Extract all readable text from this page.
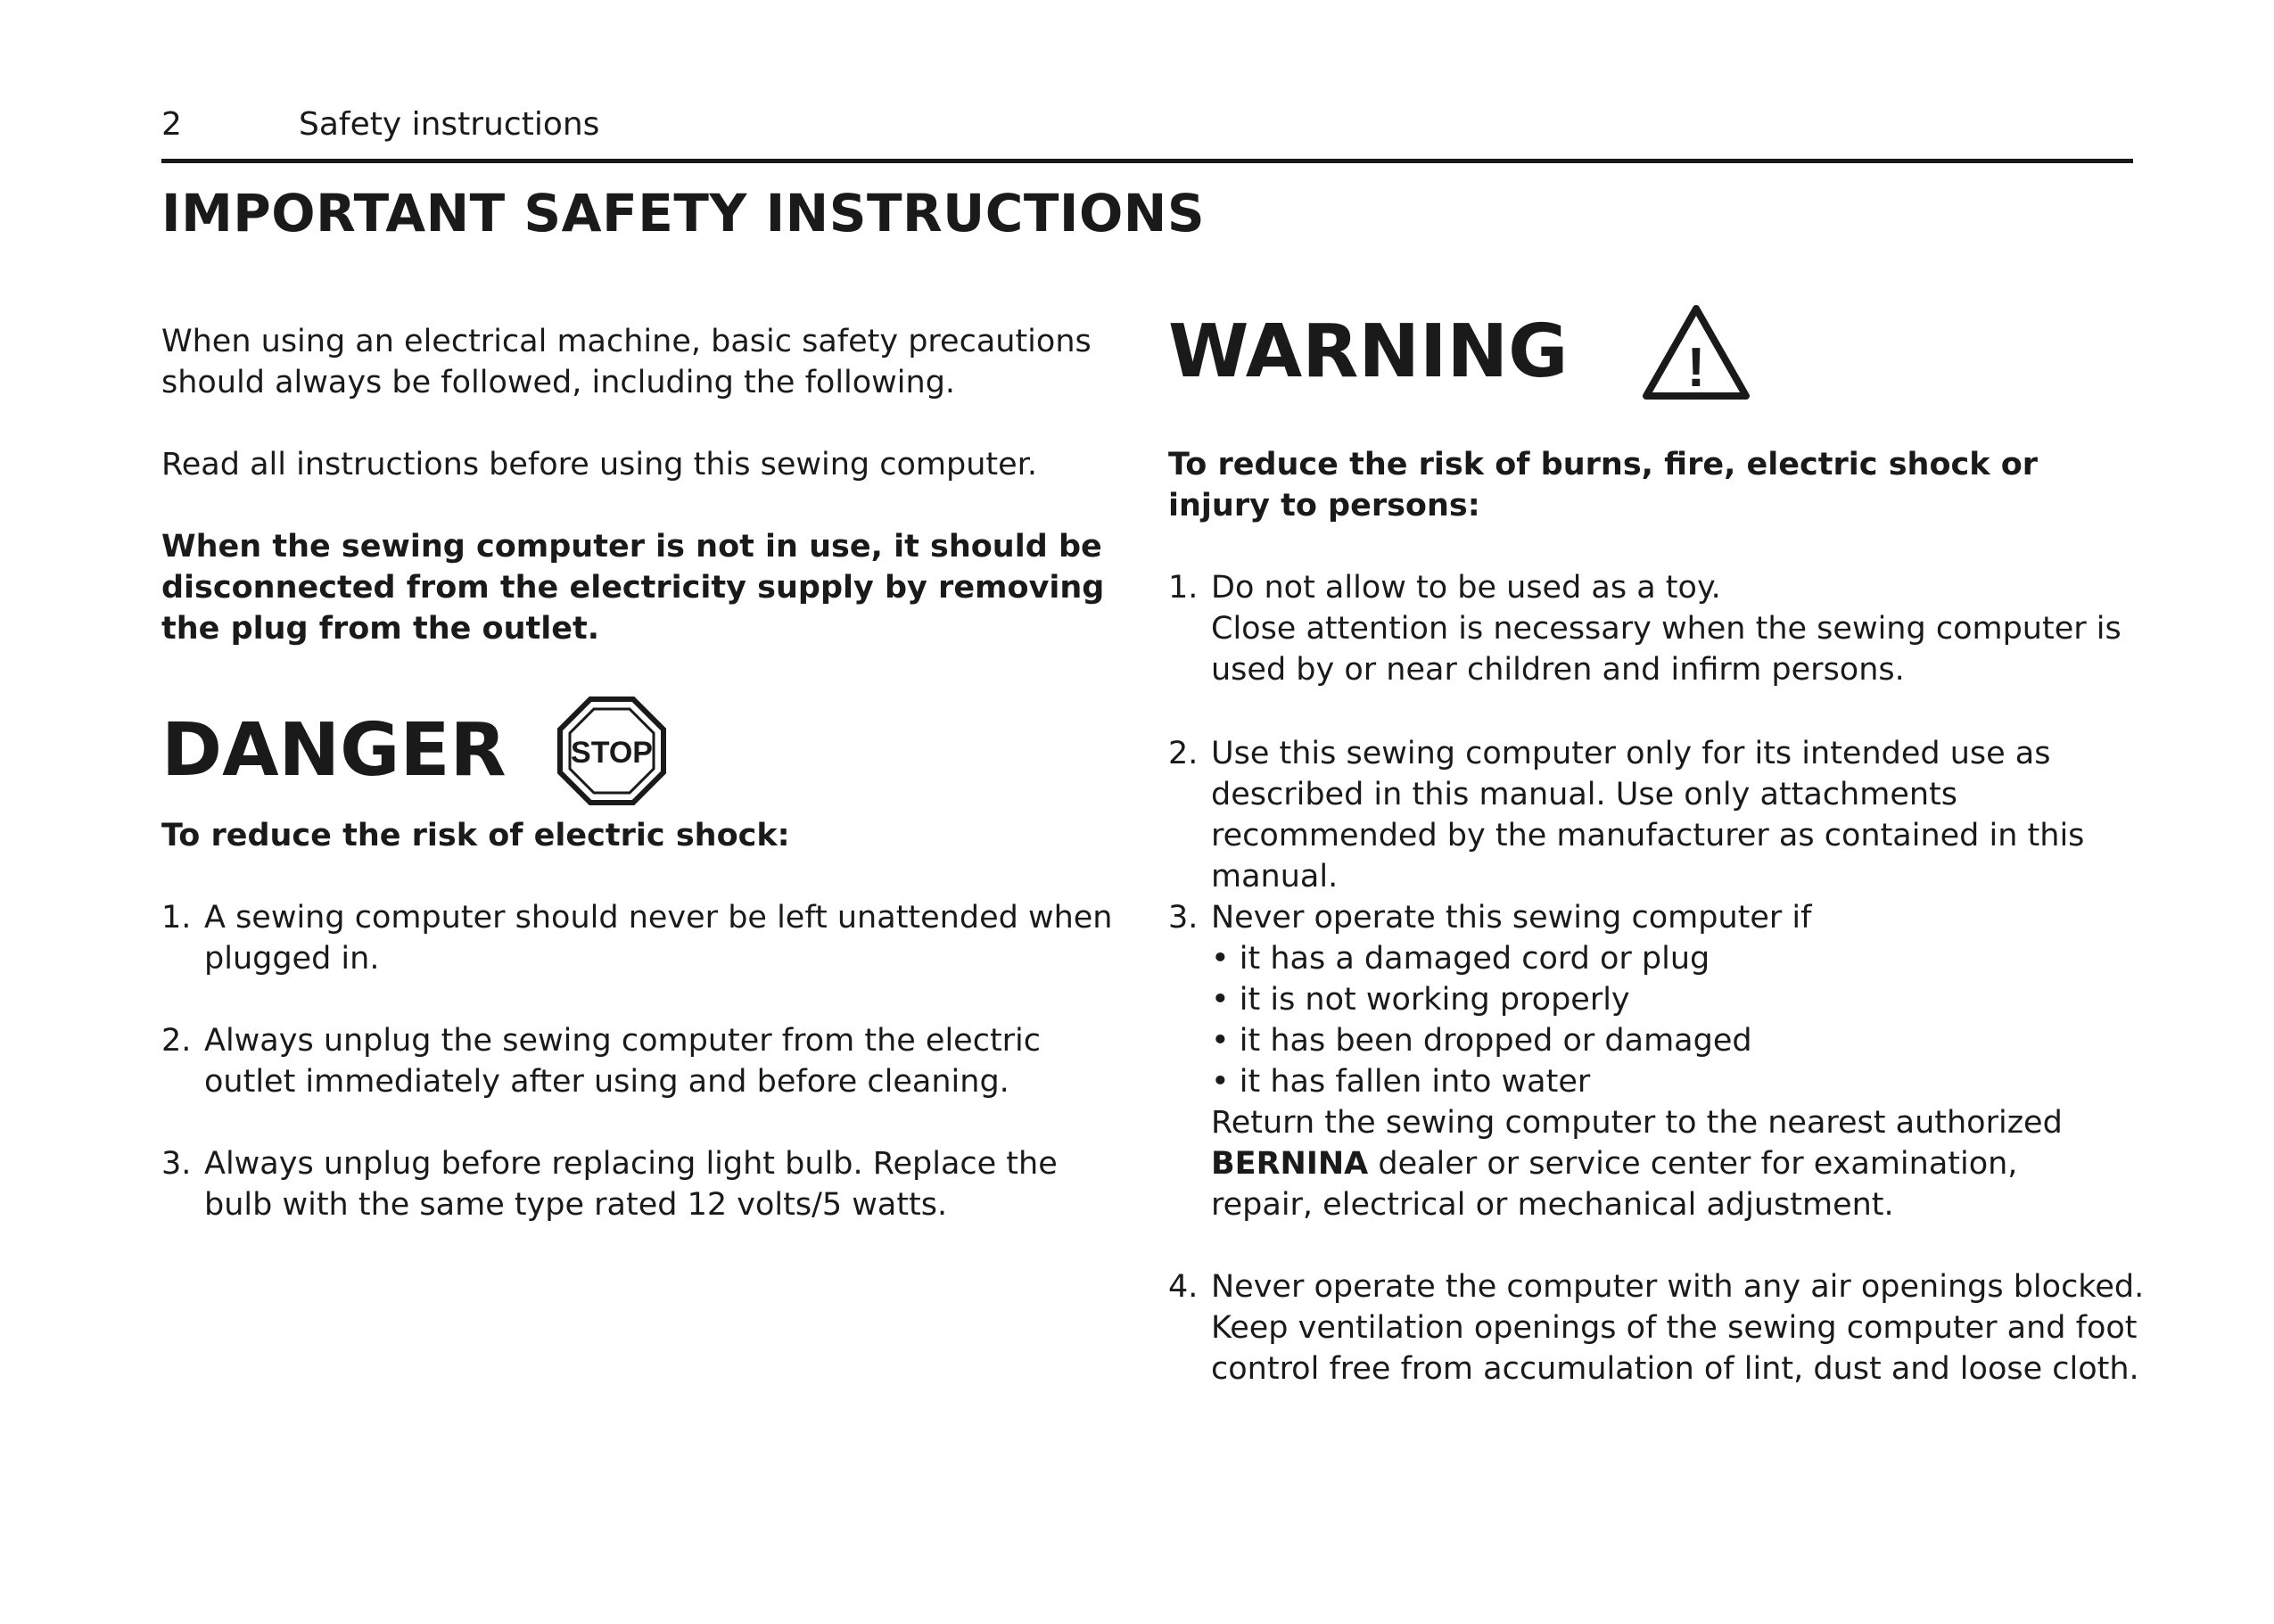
2	Safety instructions
IMPORTANT SAFETY INSTRUCTIONS

When using an electrical machine, basic safety precautions should always be followed, including the following.

Read all instructions before using this sewing computer.

When the sewing computer is not in use, it should be disconnected from the electricity supply by removing the plug from the outlet.

DANGER STOP

To reduce the risk of electric shock:

1. A sewing computer should never be left unattended when plugged in.
2. Always unplug the sewing computer from the electric outlet immediately after using and before cleaning.
3. Always unplug before replacing light bulb. Replace the bulb with the same type rated 12 volts/5 watts.
WARNING !

To reduce the risk of burns, fire, electric shock or injury to persons:

1. Do not allow to be used as a toy.
Close attention is necessary when the sewing computer is used by or near children and infirm persons.
2. Use this sewing computer only for its intended use as described in this manual. Use only attachments recommended by the manufacturer as contained in this manual.
3. Never operate this sewing computer if
• it has a damaged cord or plug
• it is not working properly
• it has been dropped or damaged
• it has fallen into water
Return the sewing computer to the nearest authorized
BERNINA dealer or service center for examination, repair, electrical or mechanical adjustment.
4. Never operate the computer with any air openings blocked. Keep ventilation openings of the sewing computer and foot control free from accumulation of lint, dust and loose cloth.
